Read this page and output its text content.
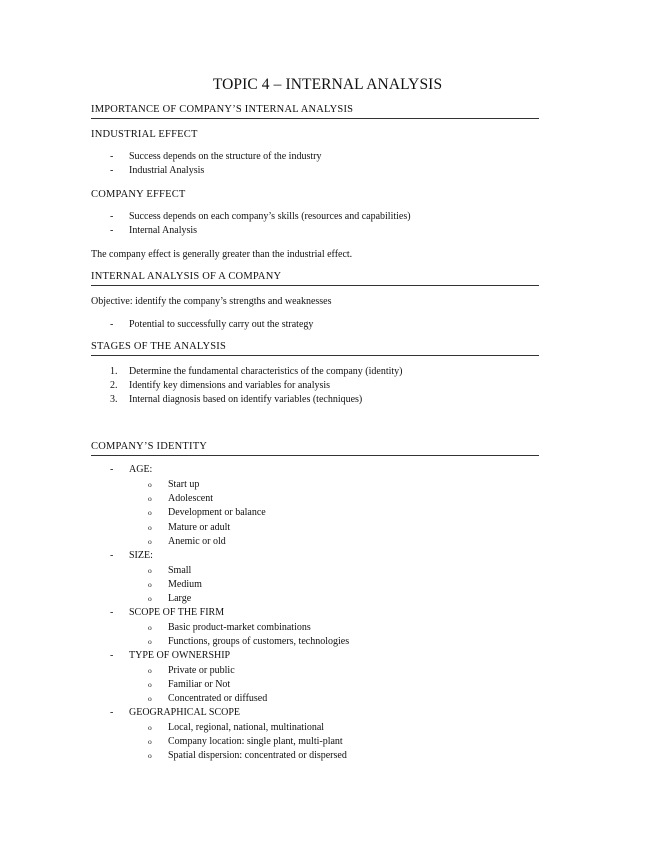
TOPIC 4 – INTERNAL ANALYSIS
IMPORTANCE OF COMPANY’S INTERNAL ANALYSIS
INDUSTRIAL EFFECT
- Success depends on the structure of the industry
- Industrial Analysis
COMPANY EFFECT
- Success depends on each company’s skills (resources and capabilities)
- Internal Analysis
The company effect is generally greater than the industrial effect.
INTERNAL ANALYSIS OF A COMPANY
Objective: identify the company’s strengths and weaknesses
- Potential to successfully carry out the strategy
STAGES OF THE ANALYSIS
1. Determine the fundamental characteristics of the company (identity)
2. Identify key dimensions and variables for analysis
3. Internal diagnosis based on identify variables (techniques)
COMPANY’S IDENTITY
- AGE:
o Start up
o Adolescent
o Development or balance
o Mature or adult
o Anemic or old
- SIZE:
o Small
o Medium
o Large
- SCOPE OF THE FIRM
o Basic product-market combinations
o Functions, groups of customers, technologies
- TYPE OF OWNERSHIP
o Private or public
o Familiar or Not
o Concentrated or diffused
- GEOGRAPHICAL SCOPE
o Local, regional, national, multinational
o Company location: single plant, multi-plant
o Spatial dispersion: concentrated or dispersed
